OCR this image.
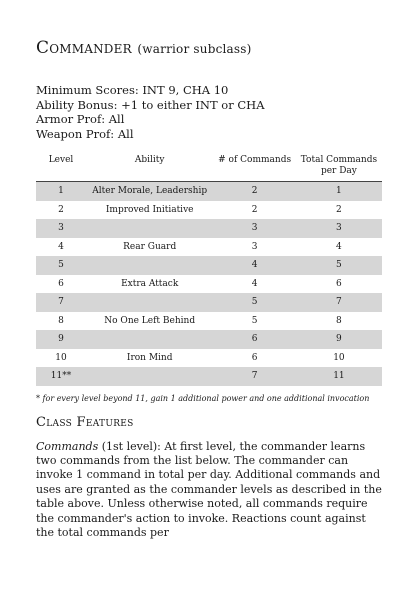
Commander (warrior subclass)
Minimum Scores: INT 9, CHA 10
Ability Bonus: +1 to either INT or CHA
Armor Prof: All
Weapon Prof: All
Level	Ability	# of Commands	Total Commands
per Day
1	Alter Morale, Leadership	2	1
2	Improved Initiative	2	2
3		3	3
4	Rear Guard	3	4
5		4	5
6	Extra Attack	4	6
7		5	7
8	No One Left Behind	5	8
9		6	9
10	Iron Mind	6	10
11**		7	11
* for every level beyond 11, gain 1 additional power and one additional invocation
Class Features
Commands (1st level): At first level, the commander learns two commands from the list below. The commander can invoke 1 command in total per day. Additional commands and uses are granted as the commander levels as described in the table above. Unless otherwise noted, all commands require the commander's action to invoke. Reactions count against the total commands per
